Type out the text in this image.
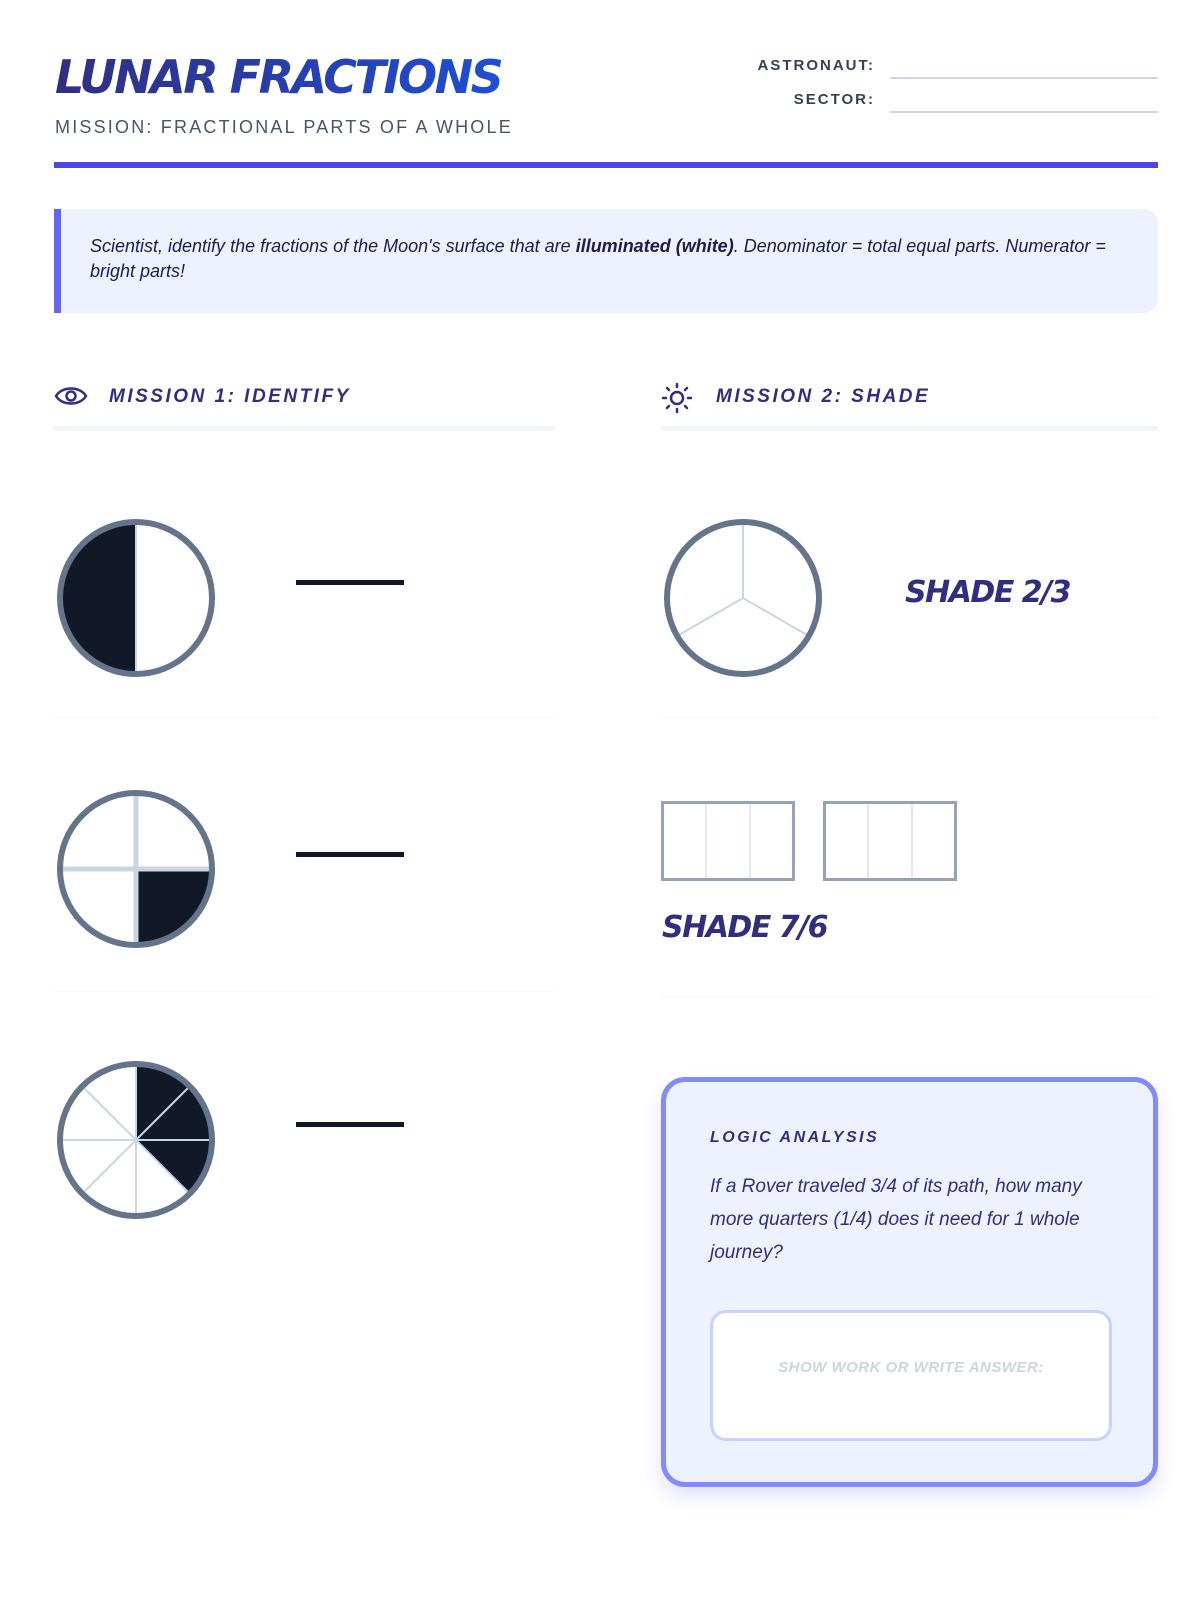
LUNAR FRACTIONS
MISSION: FRACTIONAL PARTS OF A WHOLE
ASTRONAUT:
SECTOR:
Scientist, identify the fractions of the Moon's surface that are illuminated (white). Denominator = total equal parts. Numerator = bright parts!
MISSION 1: IDENTIFY	MISSION 2: SHADE
SHADE 2/3
SHADE 7/6
LOGIC ANALYSIS
If a Rover traveled 3/4 of its path, how many more quarters (1/4) does it need for 1 whole journey?
SHOW WORK OR WRITE ANSWER:
